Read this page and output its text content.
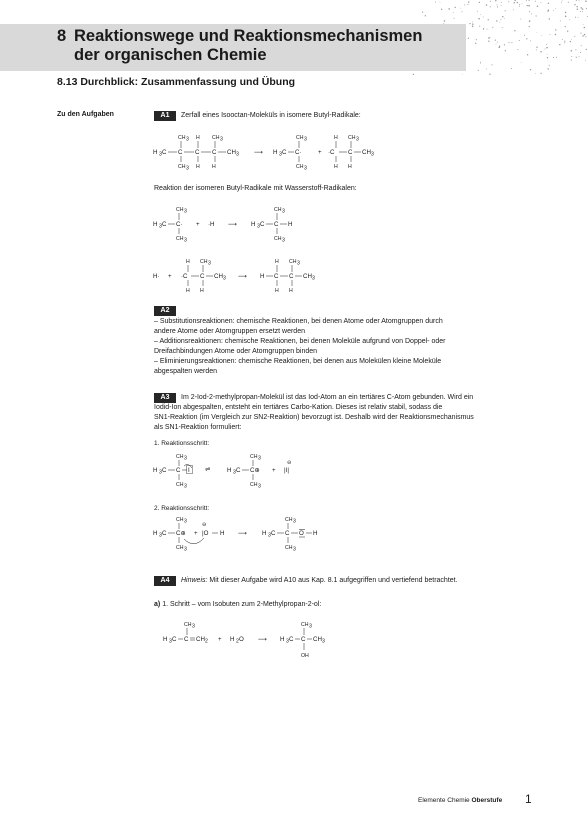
8 Reaktionswege und Reaktionsmechanismen
der organischen Chemie
8.13 Durchblick: Zusammenfassung und Übung
Zu den Aufgaben	A1	Zerfall eines Isooctan-Moleküls in isomere Butyl-Radikale:
CH 3 H CH 3
H 3 C C C C CH 3
CH 3 H H
⟶
CH 3
H 3 C C·
CH 3
+
H CH 3
·C C CH 3
H H
Reaktion der isomeren Butyl-Radikale mit Wasserstoff-Radikalen:
CH 3
H 3 C C·
CH 3
+ ·H ⟶
CH 3
H 3 C C H
CH 3
H CH 3
H· + ·C C CH 3
H H
⟶
H CH 3
H C C CH 3
H H
A2
– Substitutionsreaktionen: chemische Reaktionen, bei denen Atome oder Atomgruppen durch
andere Atome oder Atomgruppen ersetzt werden
– Additionsreaktionen: chemische Reaktionen, bei denen Moleküle aufgrund von Doppel- oder
Dreifachbindungen Atome oder Atomgruppen binden
– Eliminierungsreaktionen: chemische Reaktionen, bei denen aus Molekülen kleine Moleküle
abgespalten werden
A3	Im 2-Iod-2-methylpropan-Molekül ist das Iod-Atom an ein tertiäres C-Atom gebunden. Wird ein
Iodid-Ion abgespalten, entsteht ein tertiäres Carbo-Kation. Dieses ist relativ stabil, sodass die
SN1-Reaktion (im Vergleich zur SN2-Reaktion) bevorzugt ist. Deshalb wird der Reaktionsmechanismus
als SN1-Reaktion formuliert:
1. Reaktionsschritt:
CH 3
H 3 C C I
CH 3
⇌
CH 3
H 3 C C⊕
CH 3
+ |I|
⊖
2. Reaktionsschritt:
CH 3
H 3 C C⊕
CH 3
+
⊖
|O H ⟶
CH 3
H 3 C C O H
CH 3
A4	Hinweis: Mit dieser Aufgabe wird A10 aus Kap. 8.1 aufgegriffen und vertiefend betrachtet.
a) 1. Schritt – vom Isobuten zum 2-Methylpropan-2-ol:
CH 3
H 3 C C CH 2 + H 2 O ⟶
CH 3
H 3 C C CH 3
OH
Elemente Chemie Oberstufe 1
